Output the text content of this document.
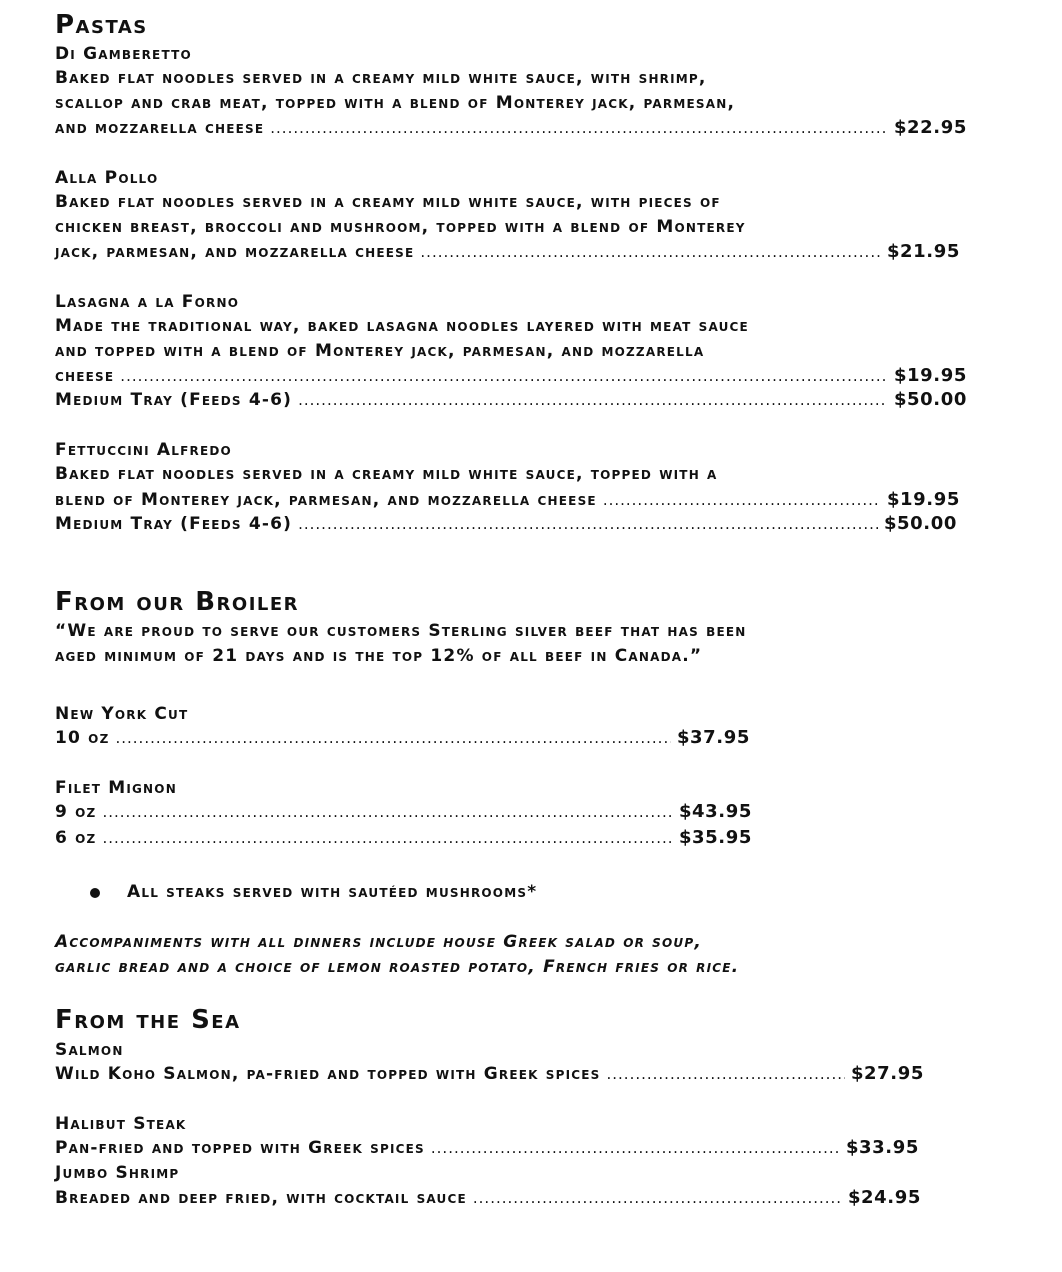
Pastas
Di Gamberetto
Baked flat noodles served in a creamy mild white sauce, with shrimp,
scallop and crab meat, topped with a blend of Monterey jack, parmesan,
and mozzarella cheese .....	$22.95
Alla Pollo
Baked flat noodles served in a creamy mild white sauce, with pieces of
chicken breast, broccoli and mushroom, topped with a blend of Monterey
jack, parmesan, and mozzarella cheese .....	$21.95
Lasagna a la Forno
Made the traditional way, baked lasagna noodles layered with meat sauce
and topped with a blend of Monterey jack, parmesan, and mozzarella
cheese .....	$19.95
Medium Tray (Feeds 4-6) .....	$50.00
Fettuccini Alfredo
Baked flat noodles served in a creamy mild white sauce, topped with a
blend of Monterey jack, parmesan, and mozzarella cheese .....	$19.95
Medium Tray (Feeds 4-6) .....	$50.00
From our Broiler
“We are proud to serve our customers Sterling silver beef that has been
aged minimum of 21 days and is the top 12% of all beef in Canada.”
New York Cut
10 oz .....	$37.95
Filet Mignon
9 oz .....	$43.95
6 oz .....	$35.95
All steaks served with sautéed mushrooms*
Accompaniments with all dinners include house Greek salad or soup,
garlic bread and a choice of lemon roasted potato, French fries or rice.
From the Sea
Salmon
Wild Koho Salmon, pa-fried and topped with Greek spices .....	$27.95
Halibut Steak
Pan-fried and topped with Greek spices .....	$33.95
Jumbo Shrimp
Breaded and deep fried, with cocktail sauce .....	$24.95
